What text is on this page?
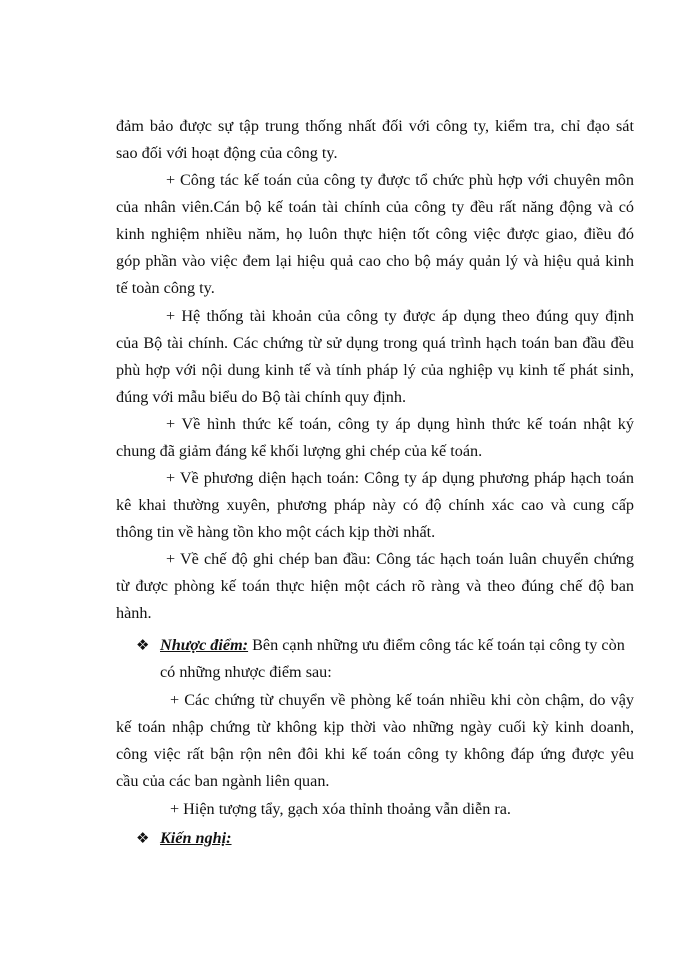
đảm bảo được sự tập trung thống nhất đối với công ty, kiểm tra, chỉ đạo sát
sao đối với hoạt động của công ty.
+ Công tác kế toán của công ty được tổ chức phù hợp với chuyên môn
của nhân viên.Cán bộ kế toán tài chính của công ty đều rất năng động và có
kinh nghiệm nhiều năm, họ luôn thực hiện tốt công việc được giao, điều đó
góp phần vào việc đem lại hiệu quả cao cho bộ máy quản lý và hiệu quả kinh
tế toàn công ty.
+ Hệ thống tài khoản của công ty được áp dụng theo đúng quy định
của Bộ tài chính. Các chứng từ sử dụng trong quá trình hạch toán ban đầu đều
phù hợp với nội dung kinh tế và tính pháp lý của nghiệp vụ kinh tế phát sinh,
đúng với mẫu biểu do Bộ tài chính quy định.
+ Về hình thức kế toán, công ty áp dụng hình thức kế toán nhật ký
chung đã giảm đáng kể khối lượng ghi chép của kế toán.
+ Về phương diện hạch toán: Công ty áp dụng phương pháp hạch toán
kê khai thường xuyên, phương pháp này có độ chính xác cao và cung cấp
thông tin về hàng tồn kho một cách kịp thời nhất.
+ Về chế độ ghi chép ban đầu: Công tác hạch toán luân chuyển chứng
từ được phòng kế toán thực hiện một cách rõ ràng và theo đúng chế độ ban
hành.
❖ Nhược điểm: Bên cạnh những ưu điểm công tác kế toán tại công ty còn
có những nhược điểm sau:
+ Các chứng từ chuyển về phòng kế toán nhiều khi còn chậm, do vậy
kế toán nhập chứng từ không kịp thời vào những ngày cuối kỳ kinh doanh,
công việc rất bận rộn nên đôi khi kế toán công ty không đáp ứng được yêu
cầu của các ban ngành liên quan.
+ Hiện tượng tẩy, gạch xóa thỉnh thoảng vẫn diễn ra.
❖ Kiến nghị:
